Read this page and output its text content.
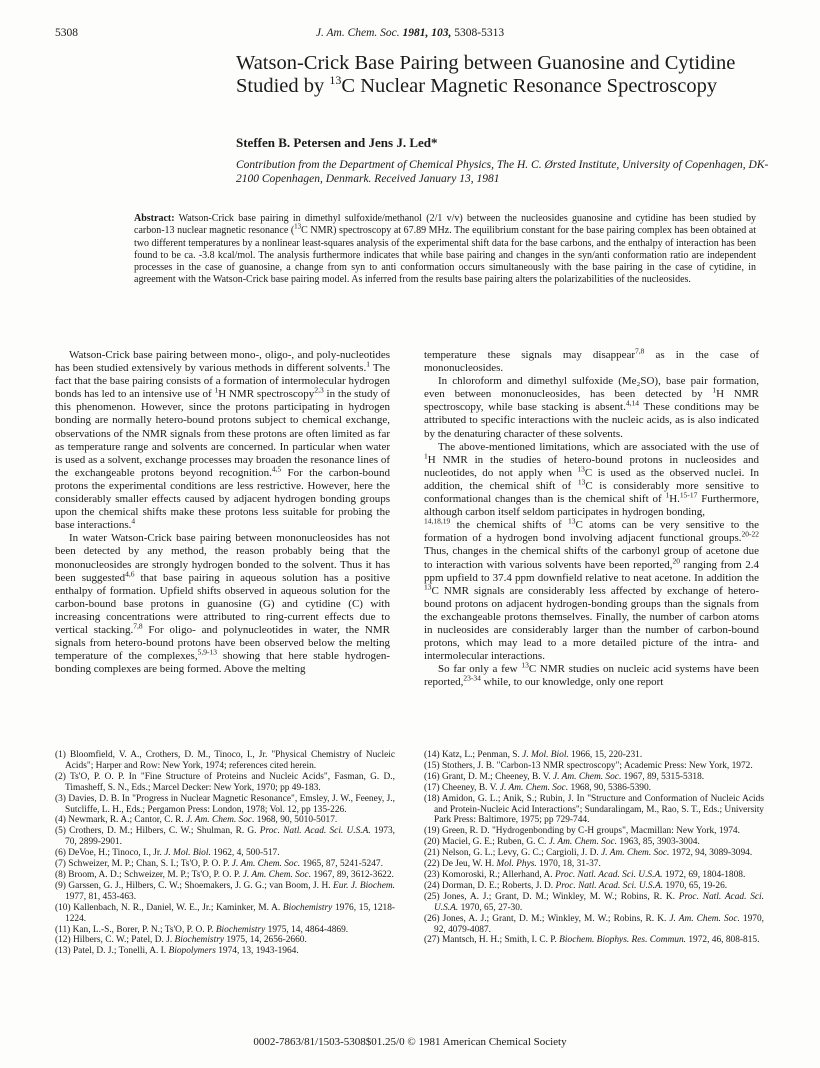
5308	J. Am. Chem. Soc. 1981, 103, 5308-5313
Watson-Crick Base Pairing between Guanosine and Cytidine Studied by $^{13}$C Nuclear Magnetic Resonance Spectroscopy
Steffen B. Petersen and Jens J. Led*
Contribution from the Department of Chemical Physics, The H. C. Ørsted Institute, University of Copenhagen, DK-2100 Copenhagen, Denmark. Received January 13, 1981
Abstract: Watson-Crick base pairing in dimethyl sulfoxide/methanol (2/1 v/v) between the nucleosides guanosine and cytidine has been studied by carbon-13 nuclear magnetic resonance ($^{13}$C NMR) spectroscopy at 67.89 MHz. The equilibrium constant for the base pairing complex has been obtained at two different temperatures by a nonlinear least-squares analysis of the experimental shift data for the base carbons, and the enthalpy of interaction has been found to be ca. -3.8 kcal/mol. The analysis furthermore indicates that while base pairing and changes in the syn/anti conformation ratio are independent processes in the case of guanosine, a change from syn to anti conformation occurs simultaneously with the base pairing in the case of cytidine, in agreement with the Watson-Crick base pairing model. As inferred from the results base pairing alters the polarizabilities of the nucleosides.

Watson-Crick base pairing between mono-, oligo-, and poly-nucleotides has been studied extensively by various methods in different solvents.$^1$ The fact that the base pairing consists of a formation of intermolecular hydrogen bonds has led to an intensive use of $^1$H NMR spectroscopy$^{2,3}$ in the study of this phenomenon. However, since the protons participating in hydrogen bonding are normally hetero-bound protons subject to chemical exchange, observations of the NMR signals from these protons are often limited as far as temperature range and solvents are concerned. In particular when water is used as a solvent, exchange processes may broaden the resonance lines of the exchangeable protons beyond recognition.$^{4,5}$ For the carbon-bound protons the experimental conditions are less restrictive. However, here the considerably smaller effects caused by adjacent hydrogen bonding groups upon the chemical shifts make these protons less suitable for probing the base interactions.$^4$

In water Watson-Crick base pairing between mononucleosides has not been detected by any method, the reason probably being that the mononucleosides are strongly hydrogen bonded to the solvent. Thus it has been suggested$^{4,6}$ that base pairing in aqueous solution has a positive enthalpy of formation. Upfield shifts observed in aqueous solution for the carbon-bound base protons in guanosine (G) and cytidine (C) with increasing concentrations were attributed to ring-current effects due to vertical stacking.$^{7,8}$ For oligo- and polynucleotides in water, the NMR signals from hetero-bound protons have been observed below the melting temperature of the complexes,$^{5,9-13}$ showing that here stable hydrogen-bonding complexes are being formed. Above the melting

temperature these signals may disappear$^{7,8}$ as in the case of mononucleosides.

In chloroform and dimethyl sulfoxide (Me₂SO), base pair formation, even between mononucleosides, has been detected by $^1$H NMR spectroscopy, while base stacking is absent.$^{4,14}$ These conditions may be attributed to specific interactions with the nucleic acids, as is also indicated by the denaturing character of these solvents.

The above-mentioned limitations, which are associated with the use of $^1$H NMR in the studies of hetero-bound protons in nucleosides and nucleotides, do not apply when $^{13}$C is used as the observed nuclei. In addition, the chemical shift of $^{13}$C is considerably more sensitive to conformational changes than is the chemical shift of $^1$H.$^{15-17}$ Furthermore, although carbon itself seldom participates in hydrogen bonding,

$^{14,18,19}$ the chemical shifts of $^{13}$C atoms can be very sensitive to the formation of a hydrogen bond involving adjacent functional groups.$^{20-22}$ Thus, changes in the chemical shifts of the carbonyl group of acetone due to interaction with various solvents have been reported,$^{20}$ ranging from 2.4 ppm upfield to 37.4 ppm downfield relative to neat acetone. In addition the $^{13}$C NMR signals are considerably less affected by exchange of hetero-bound protons on adjacent hydrogen-bonding groups than the signals from the exchangeable protons themselves. Finally, the number of carbon atoms in nucleosides are considerably larger than the number of carbon-bound protons, which may lead to a more detailed picture of the intra- and intermolecular interactions.

So far only a few $^{13}$C NMR studies on nucleic acid systems have been reported,$^{23-34}$ while, to our knowledge, only one report

(1) Bloomfield, V. A., Crothers, D. M., Tinoco, I., Jr. "Physical Chemistry of Nucleic Acids"; Harper and Row: New York, 1974; references cited herein.

(2) Ts'O, P. O. P. In "Fine Structure of Proteins and Nucleic Acids", Fasman, G. D., Timasheff, S. N., Eds.; Marcel Decker: New York, 1970; pp 49-183.

(3) Davies, D. B. In "Progress in Nuclear Magnetic Resonance", Emsley, J. W., Feeney, J., Sutcliffe, L. H., Eds.; Pergamon Press: London, 1978; Vol. 12, pp 135-226.

(4) Newmark, R. A.; Cantor, C. R. J. Am. Chem. Soc. 1968, 90, 5010-5017.

(5) Crothers, D. M.; Hilbers, C. W.; Shulman, R. G. Proc. Natl. Acad. Sci. U.S.A. 1973, 70, 2899-2901.

(6) DeVoe, H.; Tinoco, I., Jr. J. Mol. Biol. 1962, 4, 500-517.

(7) Schweizer, M. P.; Chan, S. I.; Ts'O, P. O. P. J. Am. Chem. Soc. 1965, 87, 5241-5247.

(8) Broom, A. D.; Schweizer, M. P.; Ts'O, P. O. P. J. Am. Chem. Soc. 1967, 89, 3612-3622.

(9) Garssen, G. J., Hilbers, C. W.; Shoemakers, J. G. G.; van Boom, J. H. Eur. J. Biochem. 1977, 81, 453-463.

(10) Kallenbach, N. R., Daniel, W. E., Jr.; Kaminker, M. A. Biochemistry 1976, 15, 1218-1224.

(11) Kan, L.-S., Borer, P. N.; Ts'O, P. O. P. Biochemistry 1975, 14, 4864-4869.

(12) Hilbers, C. W.; Patel, D. J. Biochemistry 1975, 14, 2656-2660.

(13) Patel, D. J.; Tonelli, A. I. Biopolymers 1974, 13, 1943-1964.

(14) Katz, L.; Penman, S. J. Mol. Biol. 1966, 15, 220-231.

(15) Stothers, J. B. "Carbon-13 NMR spectroscopy"; Academic Press: New York, 1972.

(16) Grant, D. M.; Cheeney, B. V. J. Am. Chem. Soc. 1967, 89, 5315-5318.

(17) Cheeney, B. V. J. Am. Chem. Soc. 1968, 90, 5386-5390.

(18) Amidon, G. L.; Anik, S.; Rubin, J. In "Structure and Conformation of Nucleic Acids and Protein-Nucleic Acid Interactions"; Sundaralingam, M., Rao, S. T., Eds.; University Park Press: Baltimore, 1975; pp 729-744.

(19) Green, R. D. "Hydrogenbonding by C-H groups", Macmillan: New York, 1974.

(20) Maciel, G. E.; Ruben, G. C. J. Am. Chem. Soc. 1963, 85, 3903-3004.

(21) Nelson, G. L.; Levy, G. C.; Cargioli, J. D. J. Am. Chem. Soc. 1972, 94, 3089-3094.

(22) De Jeu, W. H. Mol. Phys. 1970, 18, 31-37.

(23) Komoroski, R.; Allerhand, A. Proc. Natl. Acad. Sci. U.S.A. 1972, 69, 1804-1808.

(24) Dorman, D. E.; Roberts, J. D. Proc. Natl. Acad. Sci. U.S.A. 1970, 65, 19-26.

(25) Jones, A. J.; Grant, D. M.; Winkley, M. W.; Robins, R. K. Proc. Natl. Acad. Sci. U.S.A. 1970, 65, 27-30.

(26) Jones, A. J.; Grant, D. M.; Winkley, M. W.; Robins, R. K. J. Am. Chem. Soc. 1970, 92, 4079-4087.

(27) Mantsch, H. H.; Smith, I. C. P. Biochem. Biophys. Res. Commun. 1972, 46, 808-815.

0002-7863/81/1503-5308$01.25/0 © 1981 American Chemical Society
